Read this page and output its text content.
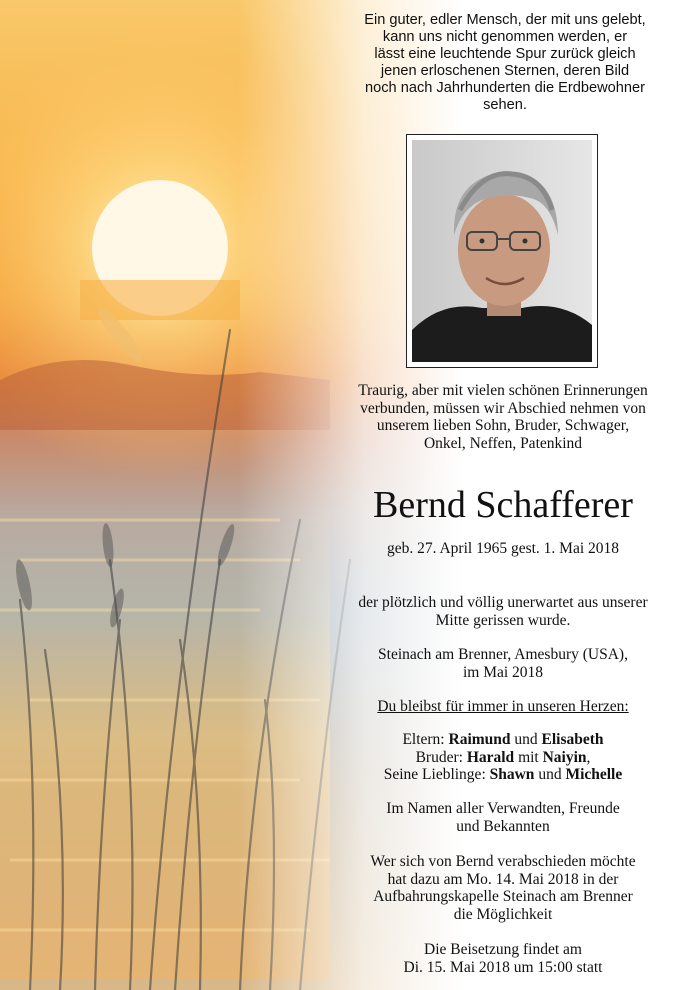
Ein guter, edler Mensch, der mit uns gelebt,
kann uns nicht genommen werden, er
lässt eine leuchtende Spur zurück gleich
jenen erloschenen Sternen, deren Bild
noch nach Jahrhunderten die Erdbewohner
sehen.
Traurig, aber mit vielen schönen Erinnerungen
verbunden, müssen wir Abschied nehmen von
unserem lieben Sohn, Bruder, Schwager,
Onkel, Neffen, Patenkind
Bernd Schafferer
geb. 27. April 1965 gest. 1. Mai 2018
der plötzlich und völlig unerwartet aus unserer
Mitte gerissen wurde.
Steinach am Brenner, Amesbury (USA),
im Mai 2018
Du bleibst für immer in unseren Herzen:
Eltern: Raimund und Elisabeth
Bruder: Harald mit Naiyin,
Seine Lieblinge: Shawn und Michelle
Im Namen aller Verwandten, Freunde
und Bekannten
Wer sich von Bernd verabschieden möchte
hat dazu am Mo. 14. Mai 2018 in der
Aufbahrungskapelle Steinach am Brenner
die Möglichkeit
Die Beisetzung findet am
Di. 15. Mai 2018 um 15:00 statt
